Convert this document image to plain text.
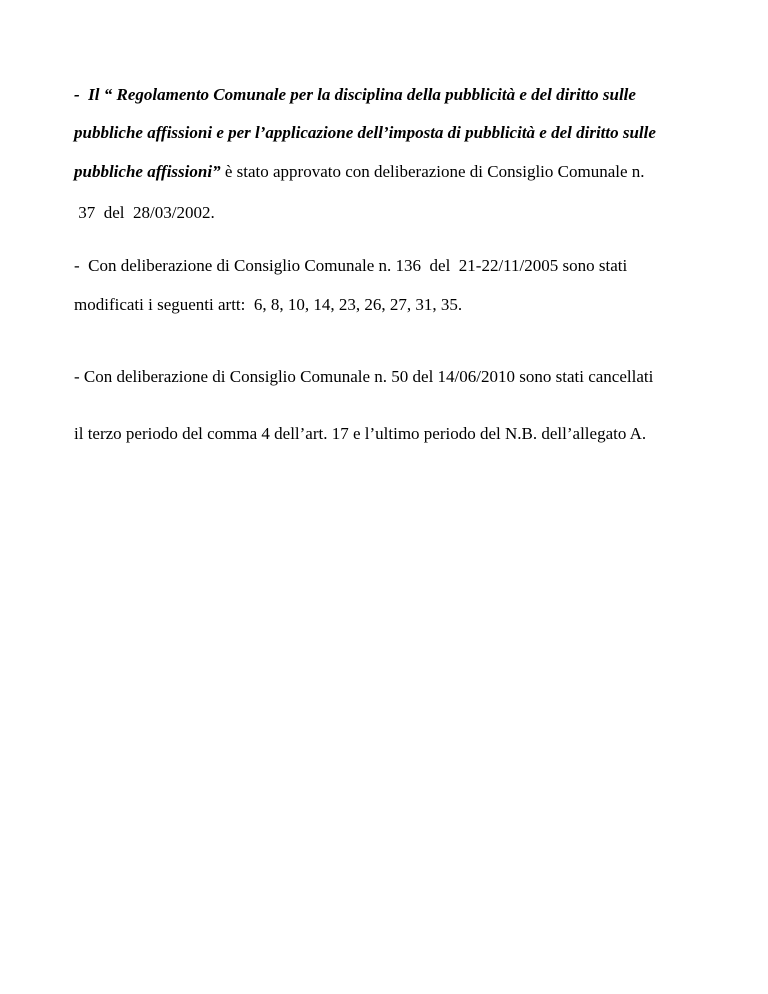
-  Il “ Regolamento Comunale per la disciplina della pubblicità e del diritto sulle
pubbliche affissioni e per l’applicazione dell’imposta di pubblicità e del diritto sulle
pubbliche affissioni” è stato approvato con deliberazione di Consiglio Comunale n.
37  del  28/03/2002.
-  Con deliberazione di Consiglio Comunale n. 136  del  21-22/11/2005 sono stati
modificati i seguenti artt:  6, 8, 10, 14, 23, 26, 27, 31, 35.
- Con deliberazione di Consiglio Comunale n. 50 del 14/06/2010 sono stati cancellati
il terzo periodo del comma 4 dell’art. 17 e l’ultimo periodo del N.B. dell’allegato A.
